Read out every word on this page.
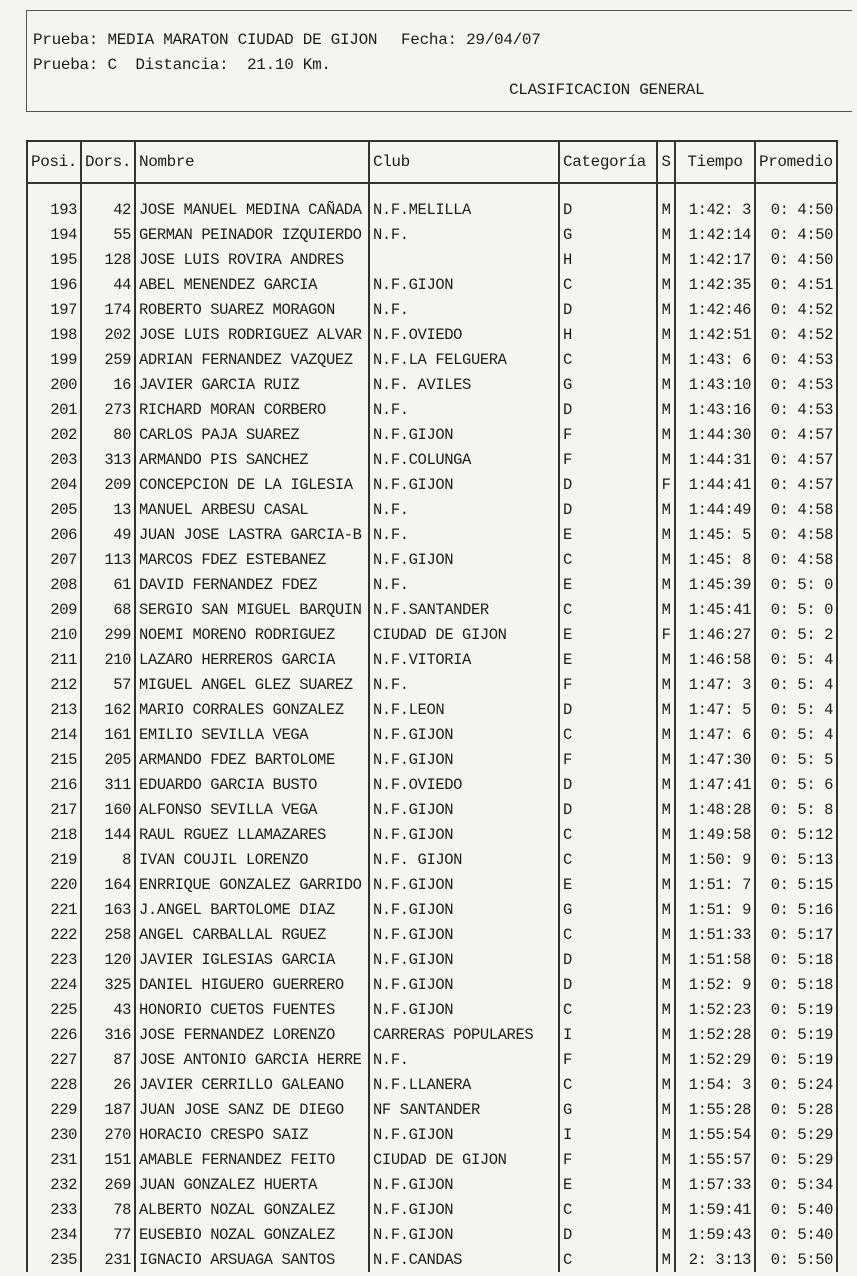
Prueba: MEDIA MARATON CIUDAD DE GIJON Fecha: 29/04/07
Prueba: C Distancia: 21.10 Km.
CLASIFICACION GENERAL
Posi.	Dors.	Nombre	Club	Categoría	S	Tiempo	Promedio

193	42	JOSE MANUEL MEDINA CAÑADA	N.F.MELILLA	D	M	1:42: 3	0: 4:50
194	55	GERMAN PEINADOR IZQUIERDO	N.F.	G	M	1:42:14	0: 4:50
195	128	JOSE LUIS ROVIRA ANDRES		H	M	1:42:17	0: 4:50
196	44	ABEL MENENDEZ GARCIA	N.F.GIJON	C	M	1:42:35	0: 4:51
197	174	ROBERTO SUAREZ MORAGON	N.F.	D	M	1:42:46	0: 4:52
198	202	JOSE LUIS RODRIGUEZ ALVAR	N.F.OVIEDO	H	M	1:42:51	0: 4:52
199	259	ADRIAN FERNANDEZ VAZQUEZ	N.F.LA FELGUERA	C	M	1:43: 6	0: 4:53
200	16	JAVIER GARCIA RUIZ	N.F. AVILES	G	M	1:43:10	0: 4:53
201	273	RICHARD MORAN CORBERO	N.F.	D	M	1:43:16	0: 4:53
202	80	CARLOS PAJA SUAREZ	N.F.GIJON	F	M	1:44:30	0: 4:57
203	313	ARMANDO PIS SANCHEZ	N.F.COLUNGA	F	M	1:44:31	0: 4:57
204	209	CONCEPCION DE LA IGLESIA	N.F.GIJON	D	F	1:44:41	0: 4:57
205	13	MANUEL ARBESU CASAL	N.F.	D	M	1:44:49	0: 4:58
206	49	JUAN JOSE LASTRA GARCIA-B	N.F.	E	M	1:45: 5	0: 4:58
207	113	MARCOS FDEZ ESTEBANEZ	N.F.GIJON	C	M	1:45: 8	0: 4:58
208	61	DAVID FERNANDEZ FDEZ	N.F.	E	M	1:45:39	0: 5: 0
209	68	SERGIO SAN MIGUEL BARQUIN	N.F.SANTANDER	C	M	1:45:41	0: 5: 0
210	299	NOEMI MORENO RODRIGUEZ	CIUDAD DE GIJON	E	F	1:46:27	0: 5: 2
211	210	LAZARO HERREROS GARCIA	N.F.VITORIA	E	M	1:46:58	0: 5: 4
212	57	MIGUEL ANGEL GLEZ SUAREZ	N.F.	F	M	1:47: 3	0: 5: 4
213	162	MARIO CORRALES GONZALEZ	N.F.LEON	D	M	1:47: 5	0: 5: 4
214	161	EMILIO SEVILLA VEGA	N.F.GIJON	C	M	1:47: 6	0: 5: 4
215	205	ARMANDO FDEZ BARTOLOME	N.F.GIJON	F	M	1:47:30	0: 5: 5
216	311	EDUARDO GARCIA BUSTO	N.F.OVIEDO	D	M	1:47:41	0: 5: 6
217	160	ALFONSO SEVILLA VEGA	N.F.GIJON	D	M	1:48:28	0: 5: 8
218	144	RAUL RGUEZ LLAMAZARES	N.F.GIJON	C	M	1:49:58	0: 5:12
219	8	IVAN COUJIL LORENZO	N.F. GIJON	C	M	1:50: 9	0: 5:13
220	164	ENRRIQUE GONZALEZ GARRIDO	N.F.GIJON	E	M	1:51: 7	0: 5:15
221	163	J.ANGEL BARTOLOME DIAZ	N.F.GIJON	G	M	1:51: 9	0: 5:16
222	258	ANGEL CARBALLAL RGUEZ	N.F.GIJON	C	M	1:51:33	0: 5:17
223	120	JAVIER IGLESIAS GARCIA	N.F.GIJON	D	M	1:51:58	0: 5:18
224	325	DANIEL HIGUERO GUERRERO	N.F.GIJON	D	M	1:52: 9	0: 5:18
225	43	HONORIO CUETOS FUENTES	N.F.GIJON	C	M	1:52:23	0: 5:19
226	316	JOSE FERNANDEZ LORENZO	CARRERAS POPULARES	I	M	1:52:28	0: 5:19
227	87	JOSE ANTONIO GARCIA HERRE	N.F.	F	M	1:52:29	0: 5:19
228	26	JAVIER CERRILLO GALEANO	N.F.LLANERA	C	M	1:54: 3	0: 5:24
229	187	JUAN JOSE SANZ DE DIEGO	NF SANTANDER	G	M	1:55:28	0: 5:28
230	270	HORACIO CRESPO SAIZ	N.F.GIJON	I	M	1:55:54	0: 5:29
231	151	AMABLE FERNANDEZ FEITO	CIUDAD DE GIJON	F	M	1:55:57	0: 5:29
232	269	JUAN GONZALEZ HUERTA	N.F.GIJON	E	M	1:57:33	0: 5:34
233	78	ALBERTO NOZAL GONZALEZ	N.F.GIJON	C	M	1:59:41	0: 5:40
234	77	EUSEBIO NOZAL GONZALEZ	N.F.GIJON	D	M	1:59:43	0: 5:40
235	231	IGNACIO ARSUAGA SANTOS	N.F.CANDAS	C	M	2: 3:13	0: 5:50
